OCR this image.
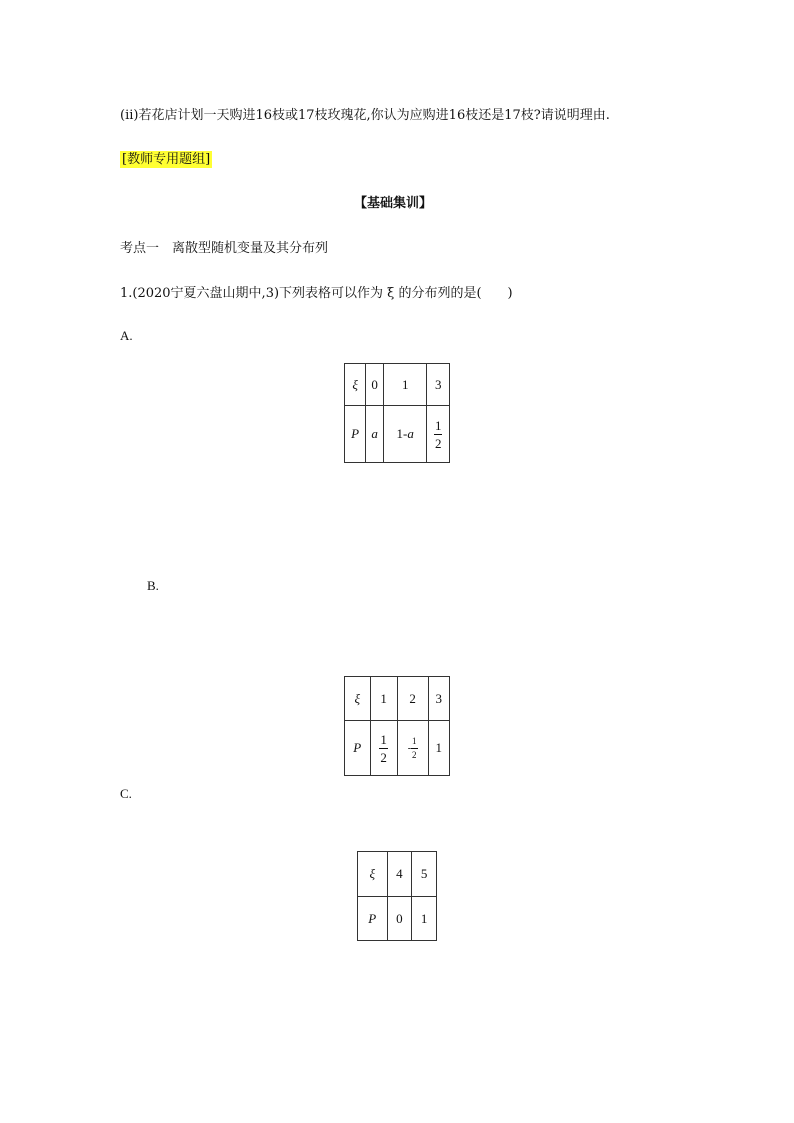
(ii)若花店计划一天购进16枝或17枝玫瑰花,你认为应购进16枝还是17枝?请说明理由.
[教师专用题组]
【基础集训】
考点一　离散型随机变量及其分布列
1.(2020宁夏六盘山期中,3)下列表格可以作为 ξ 的分布列的是(　　)
A.
ξ	0	1	3
P	a	1-a	$\frac{1}{2}$
B.
ξ	1	2	3
P	$\frac{1}{2}$	- $\frac{1}{2}$	1
C.
ξ	4	5
P	0	1
